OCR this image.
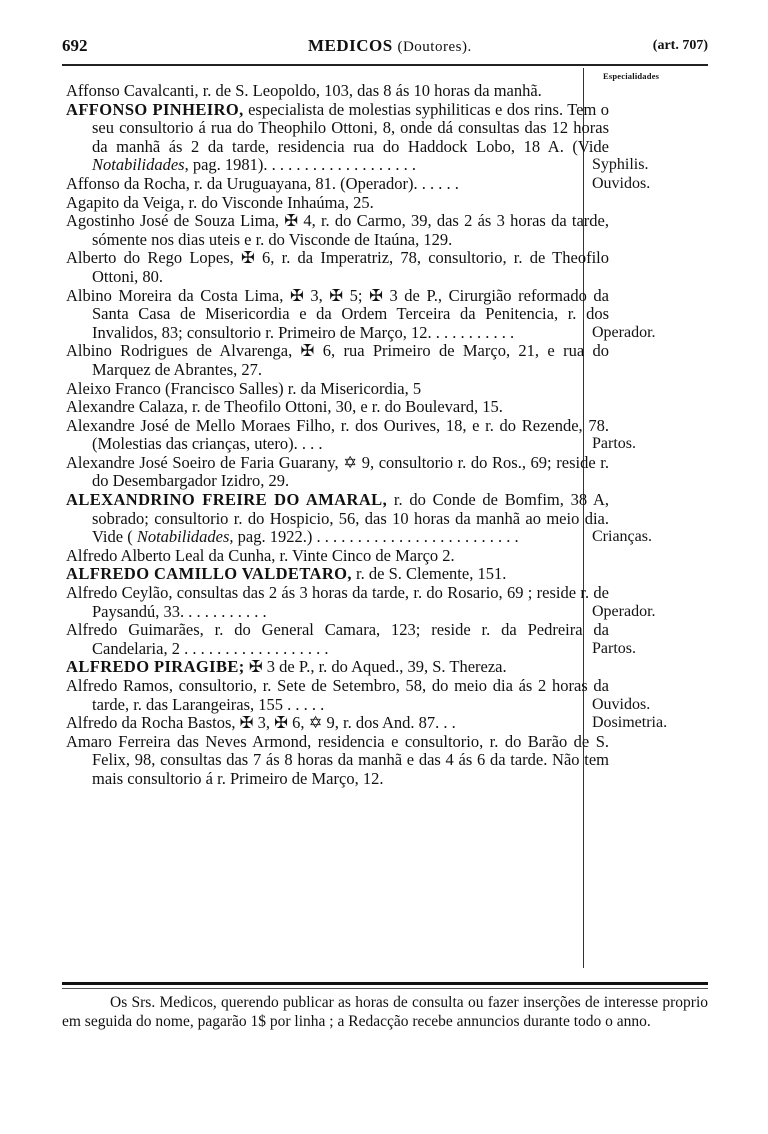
692	MEDICOS (Doutores).	(art. 707)
Especialidades
Affonso Cavalcanti, r. de S. Leopoldo, 103, das 8 ás 10 horas da manhã.
AFFONSO PINHEIRO, especialista de molestias syphiliticas e dos rins. Tem o seu consultorio á rua do Theophilo Ottoni, 8, onde dá consultas das 12 horas da manhã ás 2 da tarde, residencia rua do Haddock Lobo, 18 A. (Vide Notabilidades, pag. 1981). . . . . . . . . . . . . . . . . . .	Syphilis.
Affonso da Rocha, r. da Uruguayana, 81. (Operador). . . . . .	Ouvidos.
Agapito da Veiga, r. do Visconde Inhaúma, 25.
Agostinho José de Souza Lima, ✠ 4, r. do Carmo, 39, das 2 ás 3 horas da tarde, sómente nos dias uteis e r. do Visconde de Itaúna, 129.
Alberto do Rego Lopes, ✠ 6, r. da Imperatriz, 78, consultorio, r. de Theofilo Ottoni, 80.
Albino Moreira da Costa Lima, ✠ 3, ✠ 5; ✠ 3 de P., Cirurgião reformado da Santa Casa de Misericordia e da Ordem Terceira da Penitencia, r. dos Invalidos, 83; consultorio r. Primeiro de Março, 12. . . . . . . . . . .	Operador.
Albino Rodrigues de Alvarenga, ✠ 6, rua Primeiro de Março, 21, e rua do Marquez de Abrantes, 27.
Aleixo Franco (Francisco Salles) r. da Misericordia, 5
Alexandre Calaza, r. de Theofilo Ottoni, 30, e r. do Boulevard, 15.
Alexandre José de Mello Moraes Filho, r. dos Ourives, 18, e r. do Rezende, 78. (Molestias das crianças, utero). . . .	Partos.
Alexandre José Soeiro de Faria Guarany, ✡ 9, consultorio r. do Ros., 69; reside r. do Desembargador Izidro, 29.
ALEXANDRINO FREIRE DO AMARAL, r. do Conde de Bomfim, 38 A, sobrado; consultorio r. do Hospicio, 56, das 10 horas da manhã ao meio dia. Vide ( Notabilidades, pag. 1922.) . . . . . . . . . . . . . . . . . . . . . . . . .	Crianças.
Alfredo Alberto Leal da Cunha, r. Vinte Cinco de Março 2.
ALFREDO CAMILLO VALDETARO, r. de S. Clemente, 151.
Alfredo Ceylão, consultas das 2 ás 3 horas da tarde, r. do Rosario, 69 ; reside r. de Paysandú, 33. . . . . . . . . . .	Operador.
Alfredo Guimarães, r. do General Camara, 123; reside r. da Pedreira da Candelaria, 2 . . . . . . . . . . . . . . . . . .	Partos.
ALFREDO PIRAGIBE; ✠ 3 de P., r. do Aqued., 39, S. Thereza.
Alfredo Ramos, consultorio, r. Sete de Setembro, 58, do meio dia ás 2 horas da tarde, r. das Larangeiras, 155 . . . . .	Ouvidos.
Alfredo da Rocha Bastos, ✠ 3, ✠ 6, ✡ 9, r. dos And. 87. . .	Dosimetria.
Amaro Ferreira das Neves Armond, residencia e consultorio, r. do Barão de S. Felix, 98, consultas das 7 ás 8 horas da manhã e das 4 ás 6 da tarde. Não tem mais consultorio á r. Primeiro de Março, 12.
Os Srs. Medicos, querendo publicar as horas de consulta ou fazer inserções de interesse proprio em seguida do nome, pagarão 1$ por linha ; a Redacção recebe annuncios durante todo o anno.
